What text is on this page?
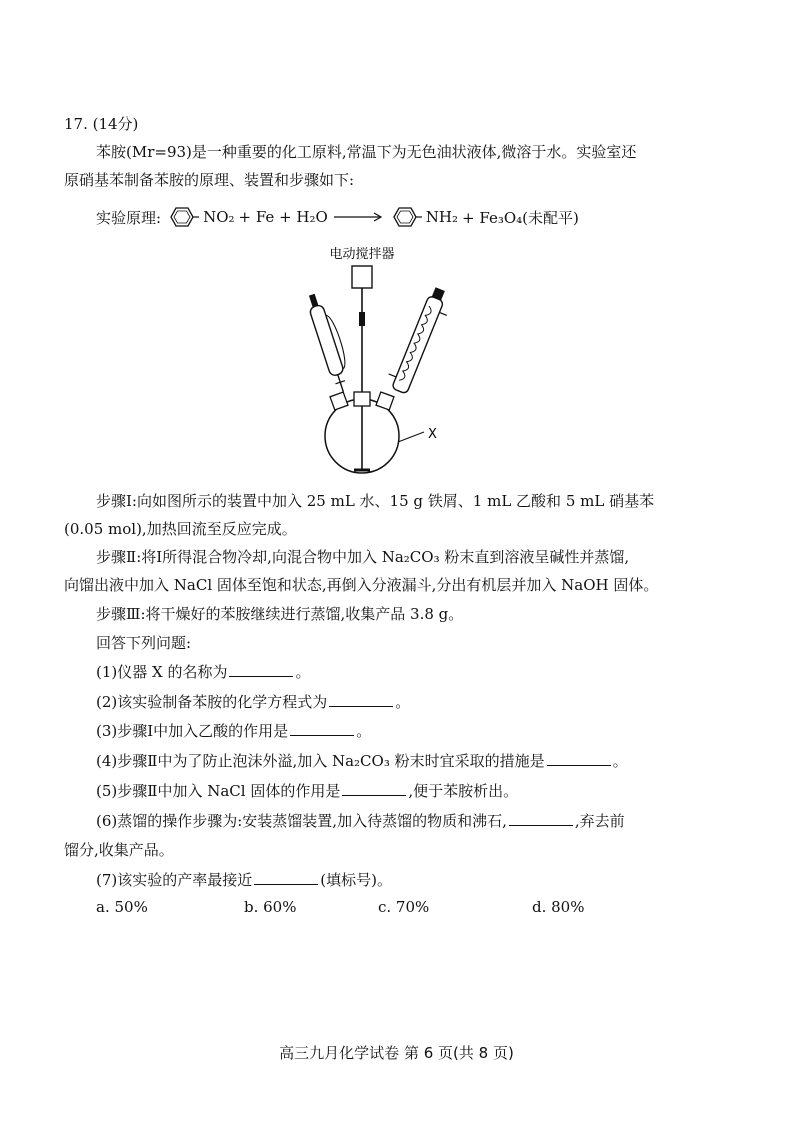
17. (14分)
苯胺(Mr=93)是一种重要的化工原料,常温下为无色油状液体,微溶于水。实验室还
原硝基苯制备苯胺的原理、装置和步骤如下:
实验原理:	NO₂ + Fe + H₂O →	NH₂ + Fe₃O₄(未配平)
电动搅拌器
X
步骤Ⅰ:向如图所示的装置中加入 25 mL 水、15 g 铁屑、1 mL 乙酸和 5 mL 硝基苯
(0.05 mol),加热回流至反应完成。
步骤Ⅱ:将Ⅰ所得混合物冷却,向混合物中加入 Na₂CO₃ 粉末直到溶液呈碱性并蒸馏,
向馏出液中加入 NaCl 固体至饱和状态,再倒入分液漏斗,分出有机层并加入 NaOH 固体。
步骤Ⅲ:将干燥好的苯胺继续进行蒸馏,收集产品 3.8 g。
回答下列问题:
(1)仪器 X 的名称为	。
(2)该实验制备苯胺的化学方程式为	。
(3)步骤Ⅰ中加入乙酸的作用是	。
(4)步骤Ⅱ中为了防止泡沫外溢,加入 Na₂CO₃ 粉末时宜采取的措施是	。
(5)步骤Ⅱ中加入 NaCl 固体的作用是	,便于苯胺析出。
(6)蒸馏的操作步骤为:安装蒸馏装置,加入待蒸馏的物质和沸石,	,弃去前
馏分,收集产品。
(7)该实验的产率最接近	(填标号)。
a. 50%	b. 60%	c. 70%	d. 80%
高三九月化学试卷 第 6 页(共 8 页)
